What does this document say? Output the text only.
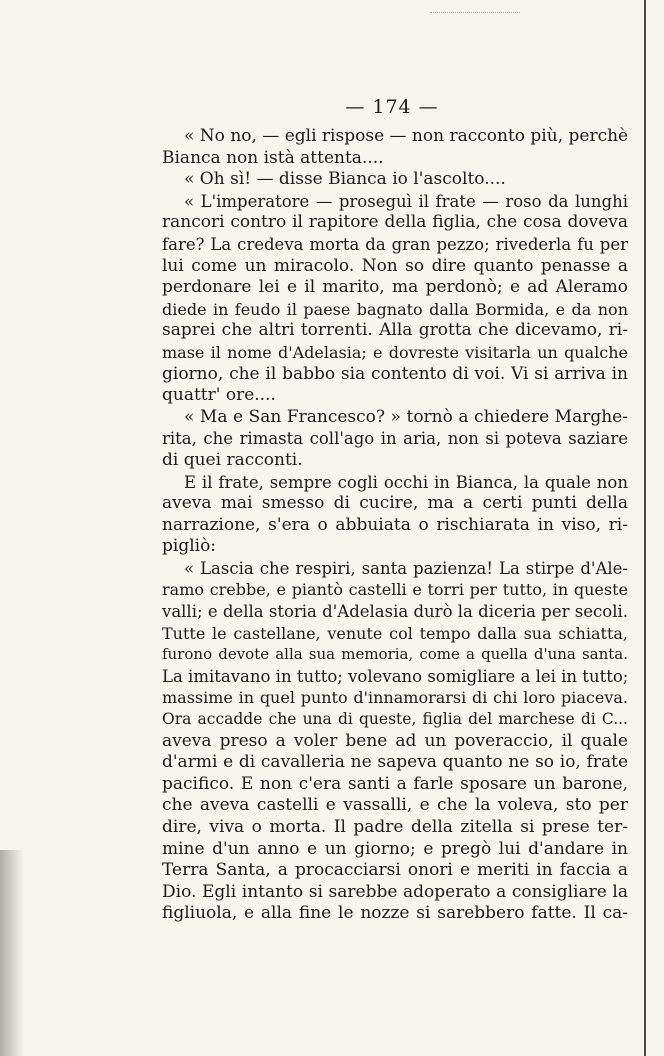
— 174 —
« No no, — egli rispose — non racconto più, perchè
Bianca non istà attenta....
« Oh sì! — disse Bianca io l'ascolto....
« L'imperatore — proseguì il frate — roso da lunghi
rancori contro il rapitore della figlia, che cosa doveva
fare? La credeva morta da gran pezzo; rivederla fu per
lui come un miracolo. Non so dire quanto penasse a
perdonare lei e il marito, ma perdonò; e ad Aleramo
diede in feudo il paese bagnato dalla Bormida, e da non
saprei che altri torrenti. Alla grotta che dicevamo, ri-
mase il nome d'Adelasia; e dovreste visitarla un qualche
giorno, che il babbo sia contento di voi. Vi si arriva in
quattr' ore....
« Ma e San Francesco? » tornò a chiedere Marghe-
rita, che rimasta coll'ago in aria, non si poteva saziare
di quei racconti.
E il frate, sempre cogli occhi in Bianca, la quale non
aveva mai smesso di cucire, ma a certi punti della
narrazione, s'era o abbuiata o rischiarata in viso, ri-
pigliò:
« Lascia che respiri, santa pazienza! La stirpe d'Ale-
ramo crebbe, e piantò castelli e torri per tutto, in queste
valli; e della storia d'Adelasia durò la diceria per secoli.
Tutte le castellane, venute col tempo dalla sua schiatta,
furono devote alla sua memoria, come a quella d'una santa.
La imitavano in tutto; volevano somigliare a lei in tutto;
massime in quel punto d'innamorarsi di chi loro piaceva.
Ora accadde che una di queste, figlia del marchese di C...
aveva preso a voler bene ad un poveraccio, il quale
d'armi e di cavalleria ne sapeva quanto ne so io, frate
pacifico. E non c'era santi a farle sposare un barone,
che aveva castelli e vassalli, e che la voleva, sto per
dire, viva o morta. Il padre della zitella si prese ter-
mine d'un anno e un giorno; e pregò lui d'andare in
Terra Santa, a procacciarsi onori e meriti in faccia a
Dio. Egli intanto si sarebbe adoperato a consigliare la
figliuola, e alla fine le nozze si sarebbero fatte. Il ca-
